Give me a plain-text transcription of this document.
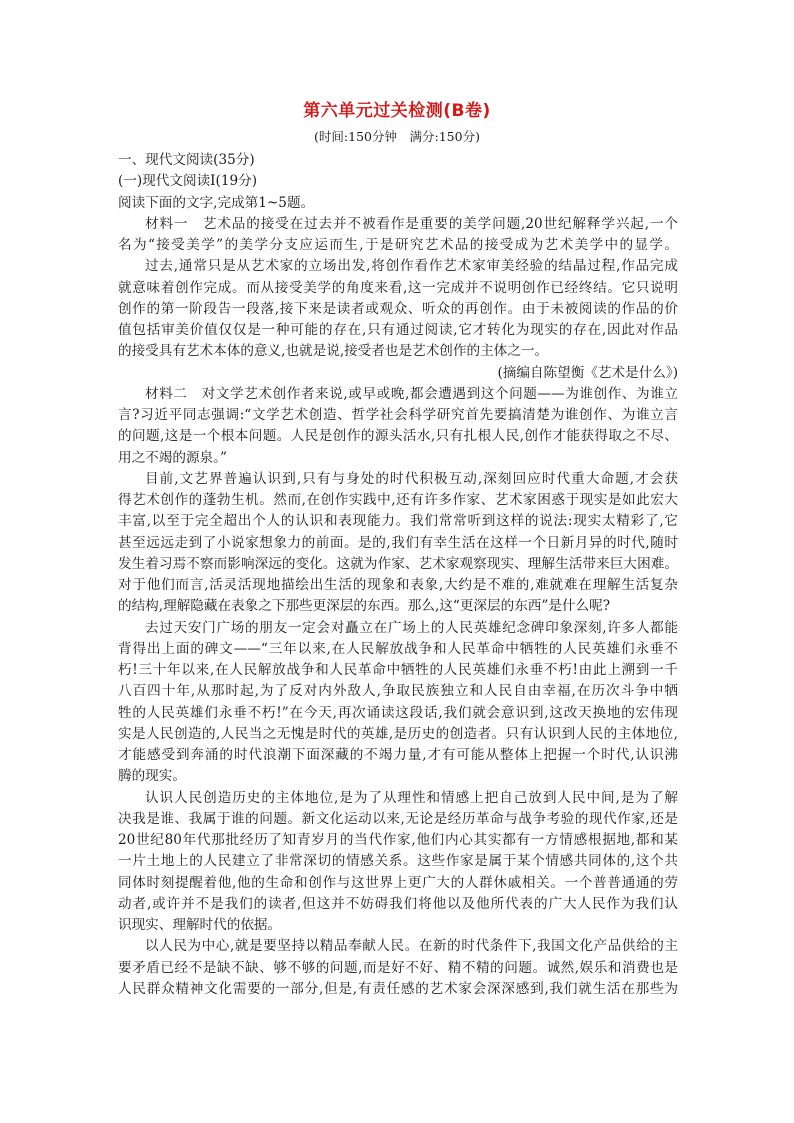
第六单元过关检测(B卷)
(时间:150分钟　满分:150分)

一、现代文阅读(35分)

(一)现代文阅读Ⅰ(19分)

阅读下面的文字,完成第1~5题。

材料一　艺术品的接受在过去并不被看作是重要的美学问题,20世纪解释学兴起,一个

名为“接受美学”的美学分支应运而生,于是研究艺术品的接受成为艺术美学中的显学。

过去,通常只是从艺术家的立场出发,将创作看作艺术家审美经验的结晶过程,作品完成

就意味着创作完成。而从接受美学的角度来看,这一完成并不说明创作已经终结。它只说明

创作的第一阶段告一段落,接下来是读者或观众、听众的再创作。由于未被阅读的作品的价

值包括审美价值仅仅是一种可能的存在,只有通过阅读,它才转化为现实的存在,因此对作品

的接受具有艺术本体的意义,也就是说,接受者也是艺术创作的主体之一。

(摘编自陈望衡《艺术是什么》)

材料二　对文学艺术创作者来说,或早或晚,都会遭遇到这个问题——为谁创作、为谁立

言?习近平同志强调:“文学艺术创造、哲学社会科学研究首先要搞清楚为谁创作、为谁立言

的问题,这是一个根本问题。人民是创作的源头活水,只有扎根人民,创作才能获得取之不尽、

用之不竭的源泉。”

目前,文艺界普遍认识到,只有与身处的时代积极互动,深刻回应时代重大命题,才会获

得艺术创作的蓬勃生机。然而,在创作实践中,还有许多作家、艺术家困惑于现实是如此宏大

丰富,以至于完全超出个人的认识和表现能力。我们常常听到这样的说法:现实太精彩了,它

甚至远远走到了小说家想象力的前面。是的,我们有幸生活在这样一个日新月异的时代,随时

发生着习焉不察而影响深远的变化。这就为作家、艺术家观察现实、理解生活带来巨大困难。

对于他们而言,活灵活现地描绘出生活的现象和表象,大约是不难的,难就难在理解生活复杂

的结构,理解隐藏在表象之下那些更深层的东西。那么,这“更深层的东西”是什么呢?

去过天安门广场的朋友一定会对矗立在广场上的人民英雄纪念碑印象深刻,许多人都能

背得出上面的碑文——“三年以来,在人民解放战争和人民革命中牺牲的人民英雄们永垂不

朽!三十年以来,在人民解放战争和人民革命中牺牲的人民英雄们永垂不朽!由此上溯到一千

八百四十年,从那时起,为了反对内外敌人,争取民族独立和人民自由幸福,在历次斗争中牺

牲的人民英雄们永垂不朽!”在今天,再次诵读这段话,我们就会意识到,这改天换地的宏伟现

实是人民创造的,人民当之无愧是时代的英雄,是历史的创造者。只有认识到人民的主体地位,

才能感受到奔涌的时代浪潮下面深藏的不竭力量,才有可能从整体上把握一个时代,认识沸

腾的现实。

认识人民创造历史的主体地位,是为了从理性和情感上把自己放到人民中间,是为了解

决我是谁、我属于谁的问题。新文化运动以来,无论是经历革命与战争考验的现代作家,还是

20世纪80年代那批经历了知青岁月的当代作家,他们内心其实都有一方情感根据地,都和某

一片土地上的人民建立了非常深切的情感关系。这些作家是属于某个情感共同体的,这个共

同体时刻提醒着他,他的生命和创作与这世界上更广大的人群休戚相关。一个普普通通的劳

动者,或许并不是我们的读者,但这并不妨碍我们将他以及他所代表的广大人民作为我们认

识现实、理解时代的依据。

以人民为中心,就是要坚持以精品奉献人民。在新的时代条件下,我国文化产品供给的主

要矛盾已经不是缺不缺、够不够的问题,而是好不好、精不精的问题。诚然,娱乐和消费也是

人民群众精神文化需要的一部分,但是,有责任感的艺术家会深深感到,我们就生活在那些为
